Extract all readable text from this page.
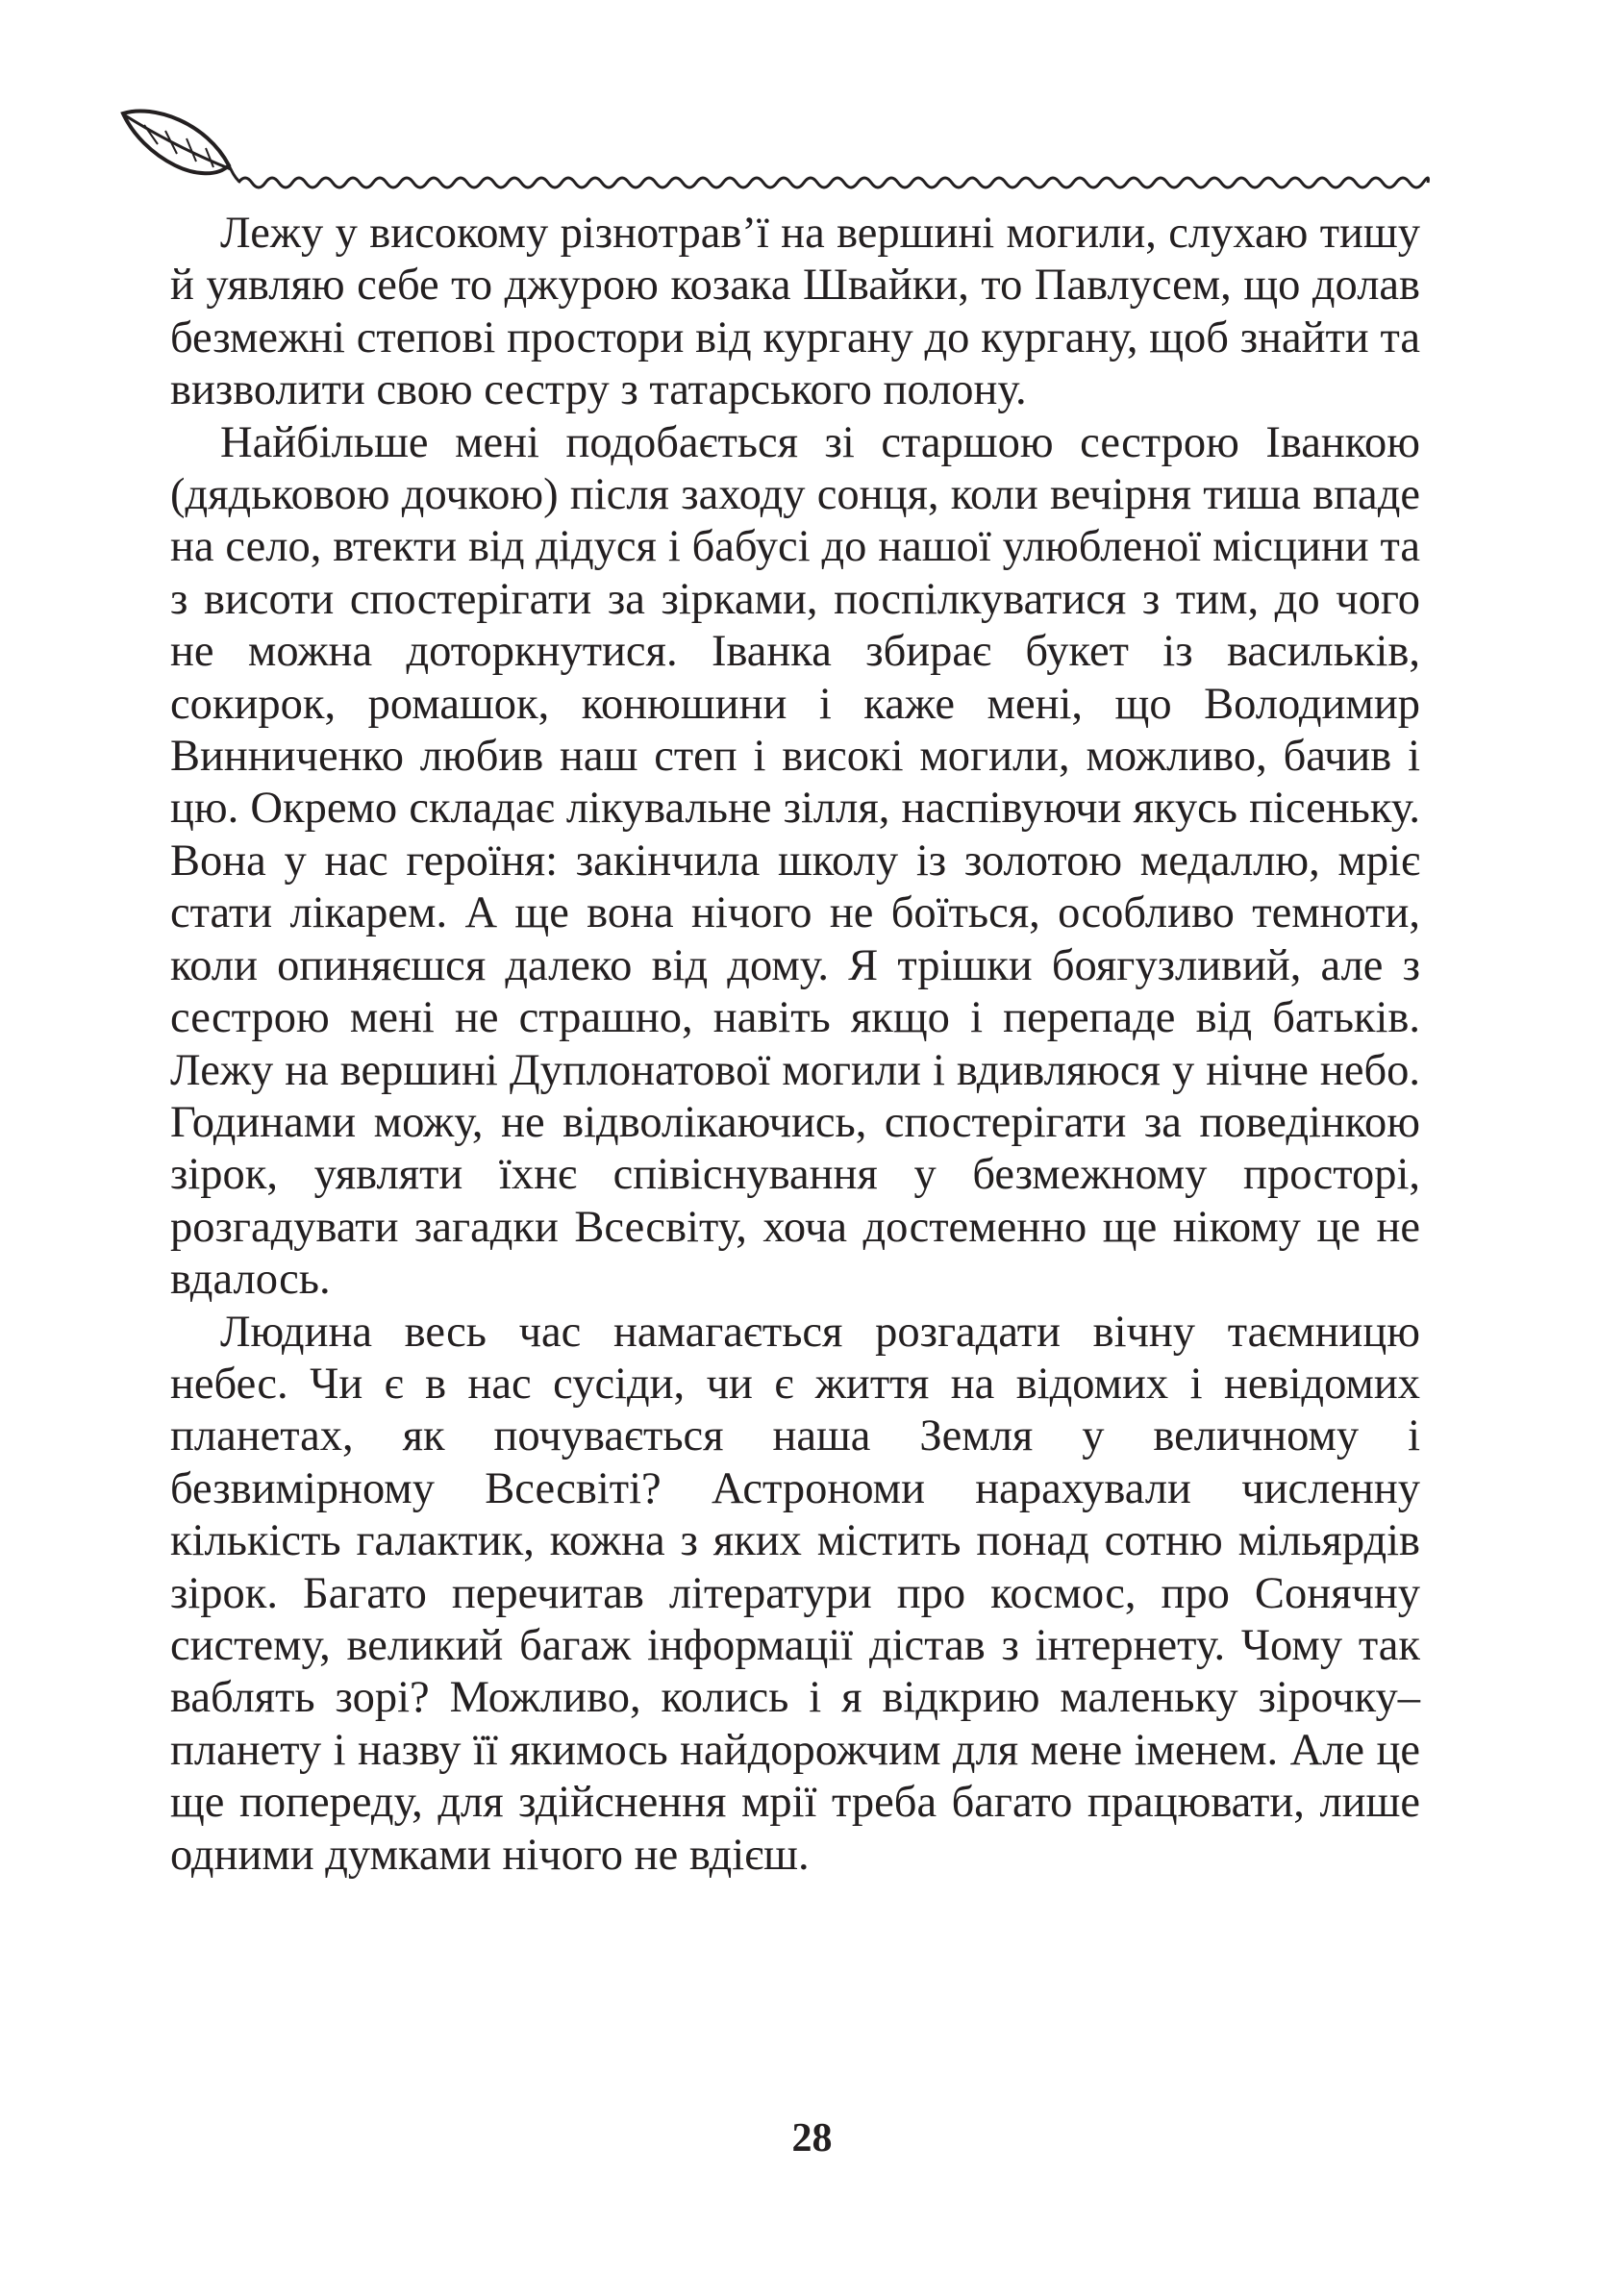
Лежу у високому різнотрав’ї на вершині могили, слухаю тишу й уявляю себе то джурою козака Швайки, то Павлусем, що долав безмежні степові простори від кургану до кургану, щоб знайти та визволити свою сестру з татарського полону.

Найбільше мені подобається зі старшою сестрою Іванкою (дядьковою дочкою) після заходу сонця, коли вечірня тиша впаде на село, втекти від дідуся і бабусі до нашої улюбленої місцини та з висоти спостерігати за зірками, поспілкуватися з тим, до чого не можна доторкнутися. Іванка збирає букет із васильків, сокирок, ромашок, конюшини і каже мені, що Володимир Винниченко любив наш степ і високі могили, можливо, бачив і цю. Окремо складає лікувальне зілля, наспівуючи якусь пісеньку. Вона у нас героїня: закінчила школу із золотою медаллю, мріє стати лікарем. А ще вона нічого не боїться, особливо темноти, коли опиняєшся далеко від дому. Я трішки боягузливий, але з сестрою мені не страшно, навіть якщо і перепаде від батьків. Лежу на вершині Дуплонатової могили і вдивляюся у нічне небо. Годинами можу, не відволікаючись, спостерігати за поведінкою зірок, уявляти їхнє співіснування у безмежному просторі, розгадувати загадки Всесвіту, хоча достеменно ще нікому це не вдалось.

Людина весь час намагається розгадати вічну таємницю небес. Чи є в нас сусіди, чи є життя на відомих і невідомих планетах, як почувається наша Земля у величному і безвимірному Всесвіті? Астрономи нарахували численну кількість галактик, кожна з яких містить понад сотню мільярдів зірок. Багато перечитав літератури про космос, про Сонячну систему, великий багаж інформації дістав з інтернету. Чому так ваблять зорі? Можливо, колись і я відкрию маленьку зірочку–планету і назву її якимось найдорожчим для мене іменем. Але це ще попереду, для здійснення мрії треба багато працювати, лише одними думками нічого не вдієш.

28
